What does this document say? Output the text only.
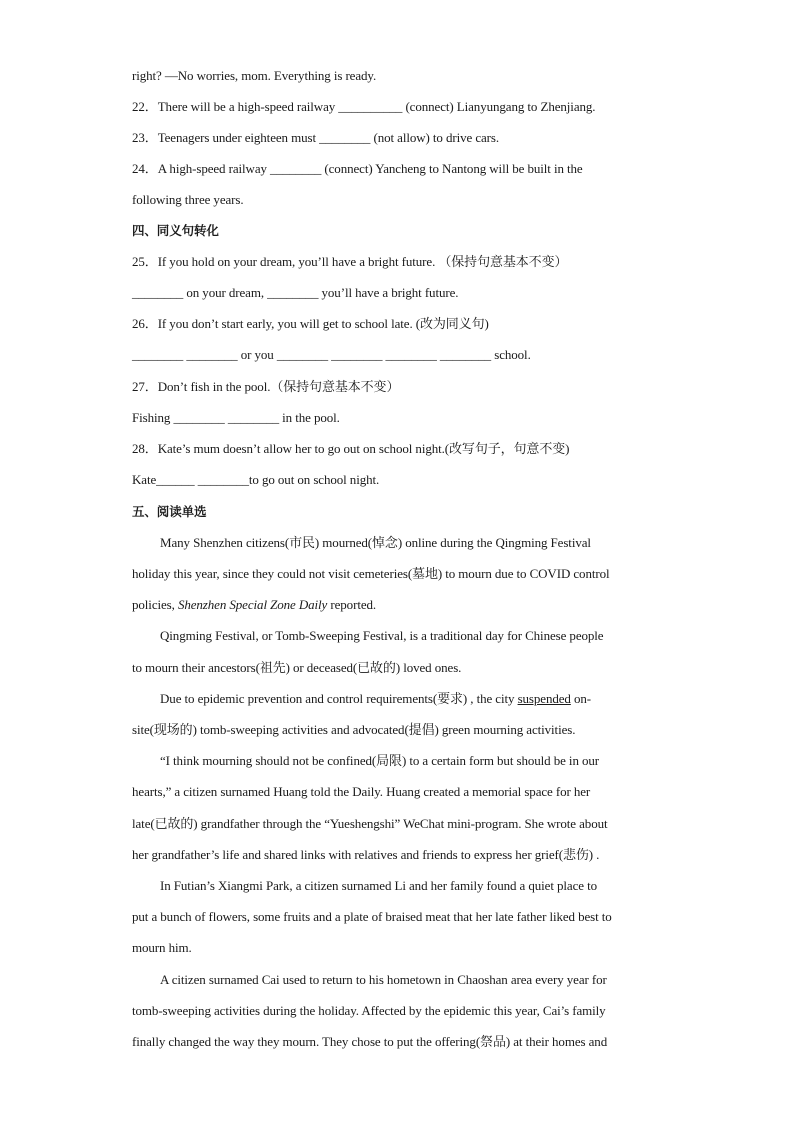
right? —No worries, mom. Everything is ready.
22．There will be a high-speed railway __________ (connect) Lianyungang to Zhenjiang.
23．Teenagers under eighteen must ________ (not allow) to drive cars.
24．A high-speed railway ________ (connect) Yancheng to Nantong will be built in the
following three years.
四、同义句转化
25．If you hold on your dream, you’ll have a bright future. （保持句意基本不变）
________ on your dream, ________ you’ll have a bright future.
26．If you don’t start early, you will get to school late. (改为同义句)
________ ________ or you ________ ________ ________ ________ school.
27．Don’t fish in the pool.（保持句意基本不变）
Fishing ________ ________ in the pool.
28．Kate’s mum doesn’t allow her to go out on school night.(改写句子，句意不变)
Kate______ ________to go out on school night.
五、阅读单选
Many Shenzhen citizens(市民) mourned(悼念) online during the Qingming Festival
holiday this year, since they could not visit cemeteries(墓地) to mourn due to COVID control
policies, Shenzhen Special Zone Daily reported.
Qingming Festival, or Tomb-Sweeping Festival, is a traditional day for Chinese people
to mourn their ancestors(祖先) or deceased(已故的) loved ones.
Due to epidemic prevention and control requirements(要求) , the city suspended on-
site(现场的) tomb-sweeping activities and advocated(提倡) green mourning activities.
“I think mourning should not be confined(局限) to a certain form but should be in our
hearts,” a citizen surnamed Huang told the Daily. Huang created a memorial space for her
late(已故的) grandfather through the “Yueshengshi” WeChat mini-program. She wrote about
her grandfather’s life and shared links with relatives and friends to express her grief(悲伤) .
In Futian’s Xiangmi Park, a citizen surnamed Li and her family found a quiet place to
put a bunch of flowers, some fruits and a plate of braised meat that her late father liked best to
mourn him.
A citizen surnamed Cai used to return to his hometown in Chaoshan area every year for
tomb-sweeping activities during the holiday. Affected by the epidemic this year, Cai’s family
finally changed the way they mourn. They chose to put the offering(祭品) at their homes and
